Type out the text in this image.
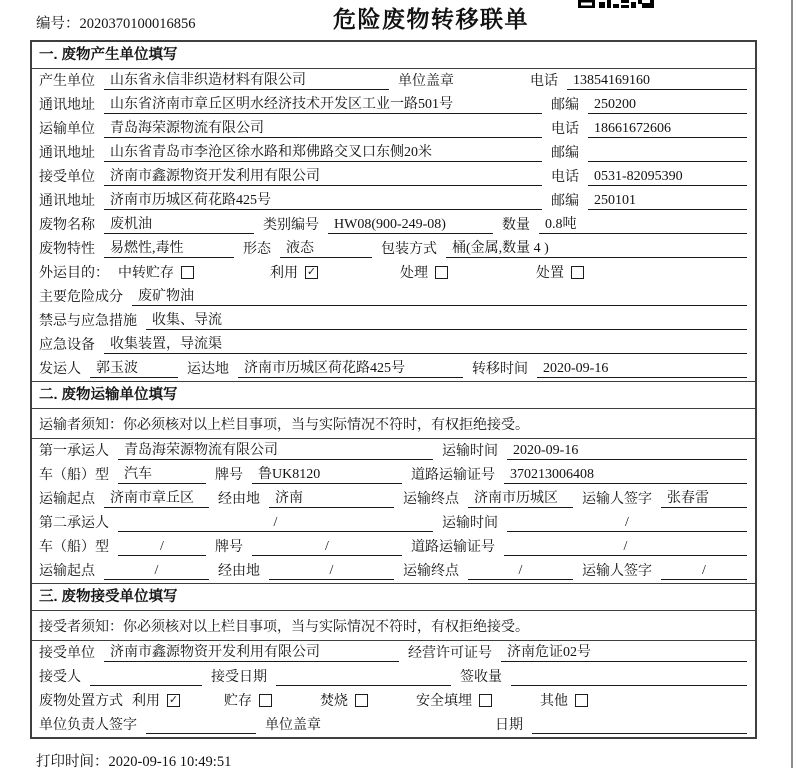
编号：2020370100016856	危险废物转移联单
一. 废物产生单位填写
产生单位	山东省永信非织造材料有限公司	单位盖章	电话	13854169160
通讯地址	山东省济南市章丘区明水经济技术开发区工业一路501号	邮编	250200
运输单位	青岛海荣源物流有限公司	电话	18661672606
通讯地址	山东省青岛市李沧区徐水路和郑佛路交叉口东侧20米	邮编
接受单位	济南市鑫源物资开发利用有限公司	电话	0531-82095390
通讯地址	济南市历城区荷花路425号	邮编	250101
废物名称	废机油	类别编号	HW08(900-249-08)	数量	0.8吨
废物特性	易燃性,毒性	形态	液态	包装方式	桶(金属,数量 4 )
外运目的： 中转贮存	利用 ✓	处理	处置
主要危险成分	废矿物油
禁忌与应急措施	收集、导流
应急设备	收集装置，导流渠
发运人	郭玉波	运达地	济南市历城区荷花路425号	转移时间	2020-09-16
二. 废物运输单位填写
运输者须知：你必须核对以上栏目事项，当与实际情况不符时，有权拒绝接受。
第一承运人	青岛海荣源物流有限公司	运输时间	2020-09-16
车（船）型	汽车	牌号	鲁UK8120	道路运输证号	370213006408
运输起点	济南市章丘区	经由地	济南	运输终点	济南市历城区	运输人签字	张春雷
第二承运人	/	运输时间	/
车（船）型	/	牌号	/	道路运输证号	/
运输起点	/	经由地	/	运输终点	/	运输人签字	/
三. 废物接受单位填写
接受者须知：你必须核对以上栏目事项，当与实际情况不符时，有权拒绝接受。
接受单位	济南市鑫源物资开发利用有限公司	经营许可证号	济南危证02号
接受人	接受日期	签收量
废物处置方式 利用 ✓	贮存	焚烧	安全填埋	其他
单位负责人签字	单位盖章	日期
打印时间：2020-09-16 10:49:51
